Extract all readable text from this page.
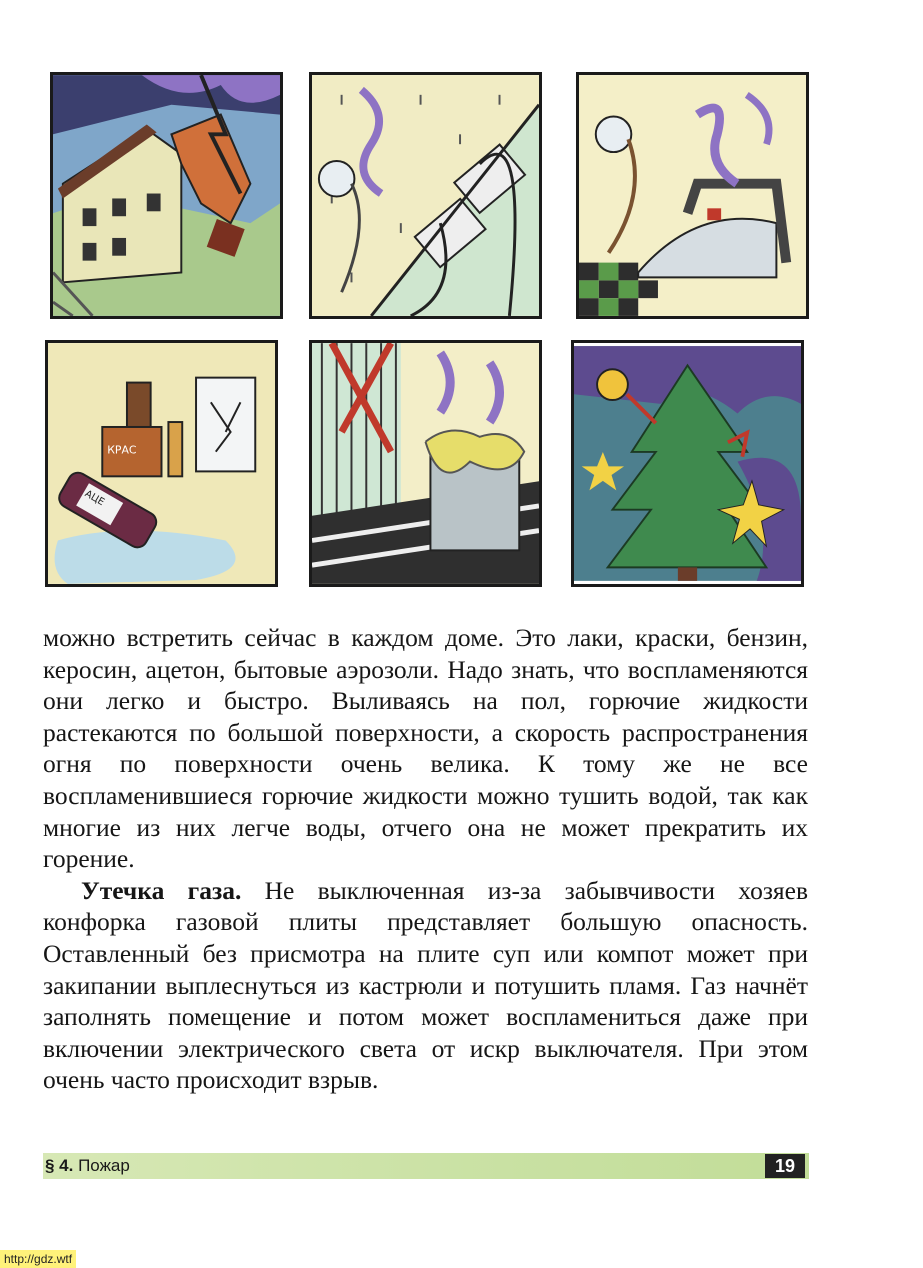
КРАС
АЦЕ

можно встретить сейчас в каждом доме. Это лаки, краски, бензин, керосин, ацетон, бытовые аэрозоли. Надо знать, что воспламеняются они легко и быстро. Выливаясь на пол, горючие жидкости растекаются по большой поверхности, а скорость распространения огня по поверхности очень велика. К тому же не все воспламенившиеся горючие жидкости можно тушить водой, так как многие из них легче воды, отчего она не может прекратить их горение.

Утечка газа. Не выключенная из-за забывчивости хозяев конфорка газовой плиты представляет большую опасность. Оставленный без присмотра на плите суп или компот может при закипании выплеснуться из кастрюли и потушить пламя. Газ начнёт заполнять помещение и потом может воспламениться даже при включении электрического света от искр выключателя. При этом очень часто происходит взрыв.

§ 4. Пожар	19
http://gdz.wtf
